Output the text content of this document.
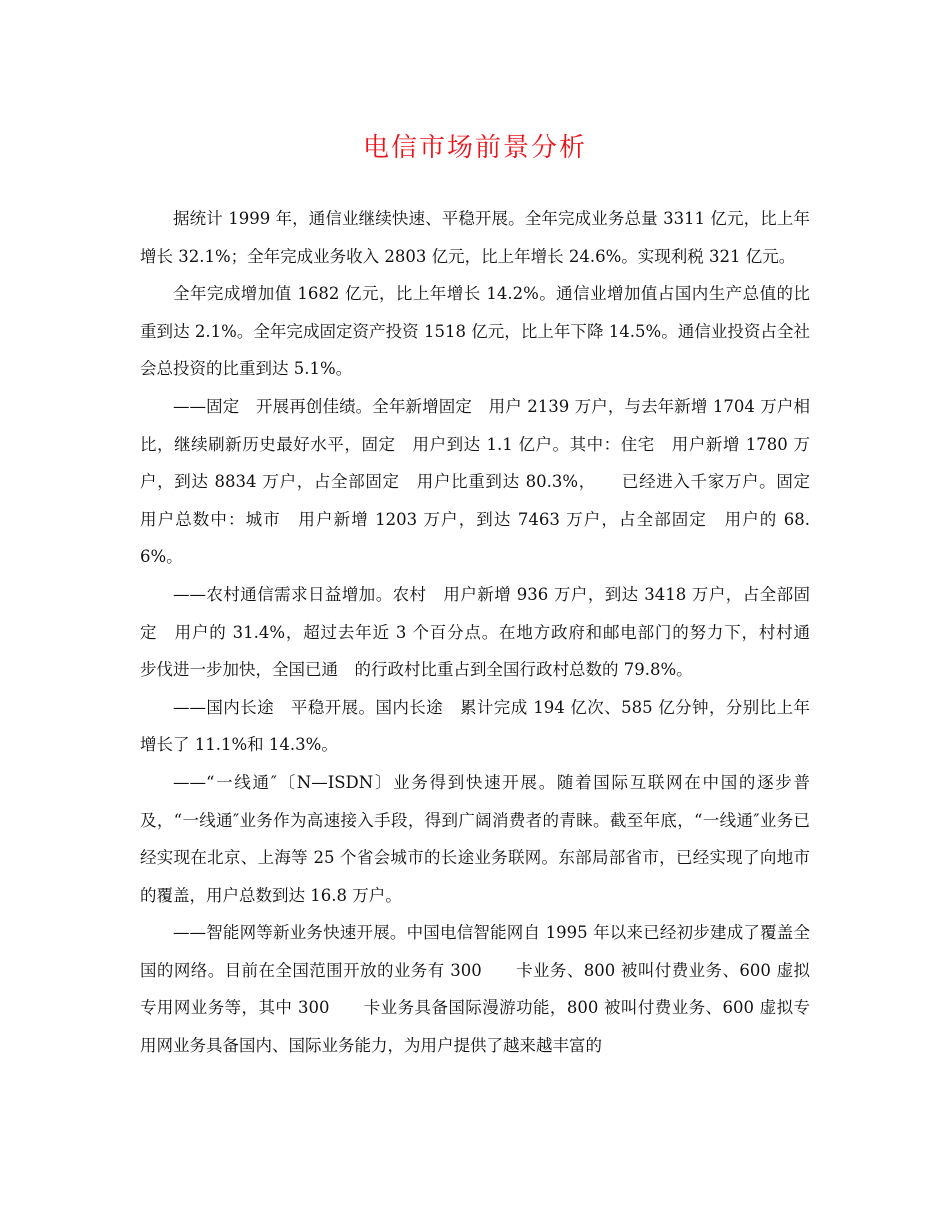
电信市场前景分析

据统计 1999 年，通信业继续快速、平稳开展。全年完成业务总量 3311 亿元，比上年增长 32.1%；全年完成业务收入 2803 亿元，比上年增长 24.6%。实现利税 321 亿元。

全年完成增加值 1682 亿元，比上年增长 14.2%。通信业增加值占国内生产总值的比重到达 2.1%。全年完成固定资产投资 1518 亿元，比上年下降 14.5%。通信业投资占全社会总投资的比重到达 5.1%。

——固定　开展再创佳绩。全年新增固定　用户 2139 万户，与去年新增 1704 万户相比，继续刷新历史最好水平，固定　用户到达 1.1 亿户。其中：住宅　用户新增 1780 万户，到达 8834 万户，占全部固定　用户比重到达 80.3%，　　已经进入千家万户。固定　用户总数中：城市　用户新增 1203 万户，到达 7463 万户，占全部固定　用户的 68.6%。

——农村通信需求日益增加。农村　用户新增 936 万户，到达 3418 万户，占全部固定　用户的 31.4%，超过去年近 3 个百分点。在地方政府和邮电部门的努力下，村村通　步伐进一步加快，全国已通　的行政村比重占到全国行政村总数的 79.8%。

——国内长途　平稳开展。国内长途　累计完成 194 亿次、585 亿分钟，分别比上年增长了 11.1%和 14.3%。

——“一线通″〔N—ISDN〕业务得到快速开展。随着国际互联网在中国的逐步普及，“一线通″业务作为高速接入手段，得到广阔消费者的青睐。截至年底，“一线通″业务已经实现在北京、上海等 25 个省会城市的长途业务联网。东部局部省市，已经实现了向地市的覆盖，用户总数到达 16.8 万户。

——智能网等新业务快速开展。中国电信智能网自 1995 年以来已经初步建成了覆盖全国的网络。目前在全国范围开放的业务有 300　　卡业务、800 被叫付费业务、600 虚拟专用网业务等，其中 300　　卡业务具备国际漫游功能，800 被叫付费业务、600 虚拟专用网业务具备国内、国际业务能力，为用户提供了越来越丰富的
